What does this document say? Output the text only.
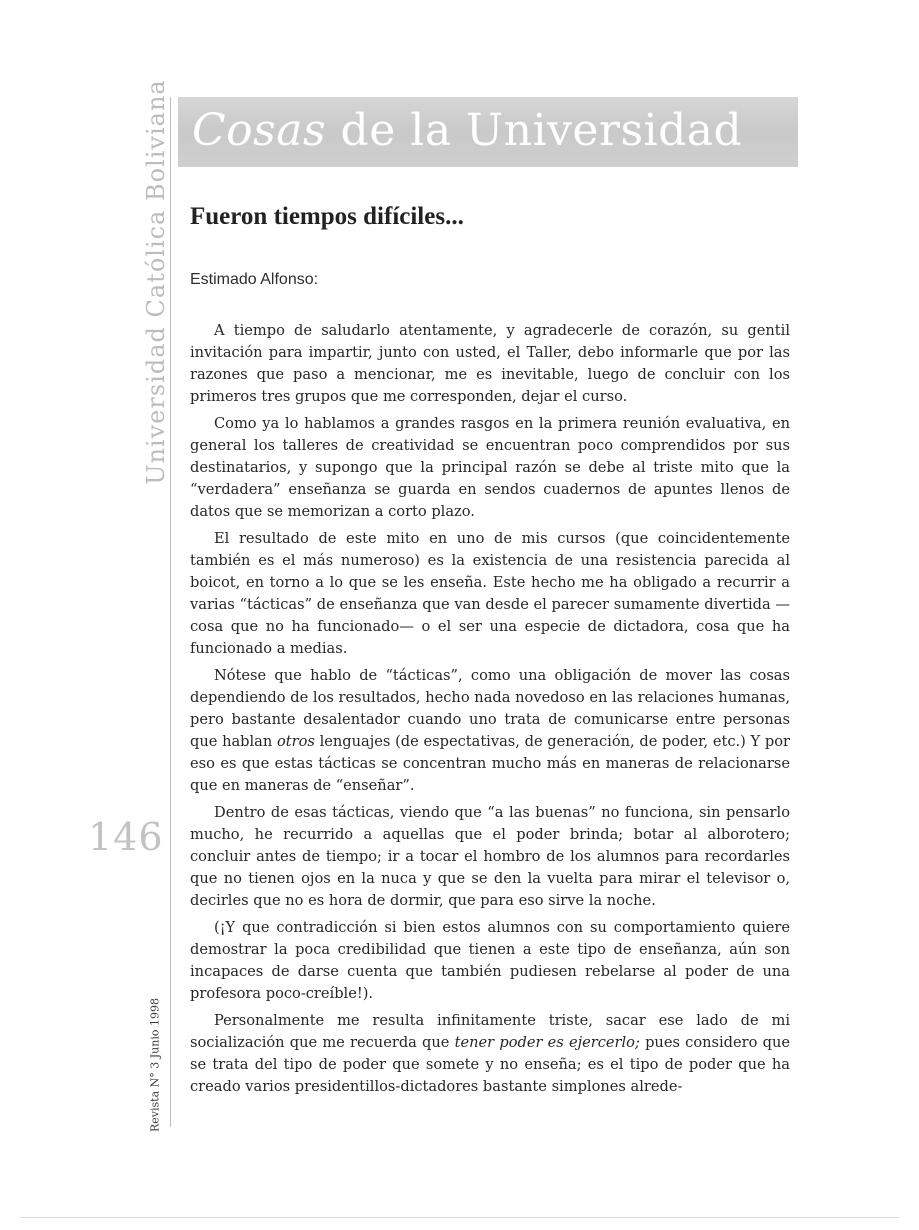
Universidad Católica Boliviana
Revista N° 3 Junio 1998
146
Cosas de la Universidad
Fueron tiempos difíciles...

Estimado Alfonso:

A tiempo de saludarlo atentamente, y agradecerle de corazón, su gentil invitación para impartir, junto con usted, el Taller, debo informarle que por las razones que paso a mencionar, me es inevitable, luego de concluir con los primeros tres grupos que me corresponden, dejar el curso.

Como ya lo hablamos a grandes rasgos en la primera reunión evaluativa, en general los talleres de creatividad se encuentran poco comprendidos por sus destinatarios, y supongo que la principal razón se debe al triste mito que la “verdadera” enseñanza se guarda en sendos cuadernos de apuntes llenos de datos que se memorizan a corto plazo.

El resultado de este mito en uno de mis cursos (que coincidentemente también es el más numeroso) es la existencia de una resistencia parecida al boicot, en torno a lo que se les enseña. Este hecho me ha obligado a recurrir a varias “tácticas” de enseñanza que van desde el parecer sumamente divertida —cosa que no ha funcionado— o el ser una especie de dictadora, cosa que ha funcionado a medias.

Nótese que hablo de “tácticas”, como una obligación de mover las cosas dependiendo de los resultados, hecho nada novedoso en las relaciones humanas, pero bastante desalentador cuando uno trata de comunicarse entre personas que hablan otros lenguajes (de espectativas, de generación, de poder, etc.) Y por eso es que estas tácticas se concentran mucho más en maneras de relacionarse que en maneras de “enseñar”.

Dentro de esas tácticas, viendo que “a las buenas” no funciona, sin pensarlo mucho, he recurrido a aquellas que el poder brinda; botar al alborotero; concluir antes de tiempo; ir a tocar el hombro de los alumnos para recordarles que no tienen ojos en la nuca y que se den la vuelta para mirar el televisor o, decirles que no es hora de dormir, que para eso sirve la noche.

(¡Y que contradicción si bien estos alumnos con su comportamiento quiere demostrar la poca credibilidad que tienen a este tipo de enseñanza, aún son incapaces de darse cuenta que también pudiesen rebelarse al poder de una profesora poco-creíble!).

Personalmente me resulta infinitamente triste, sacar ese lado de mi socialización que me recuerda que tener poder es ejercerlo; pues considero que se trata del tipo de poder que somete y no enseña; es el tipo de poder que ha creado varios presidentillos-dictadores bastante simplones alrede-
